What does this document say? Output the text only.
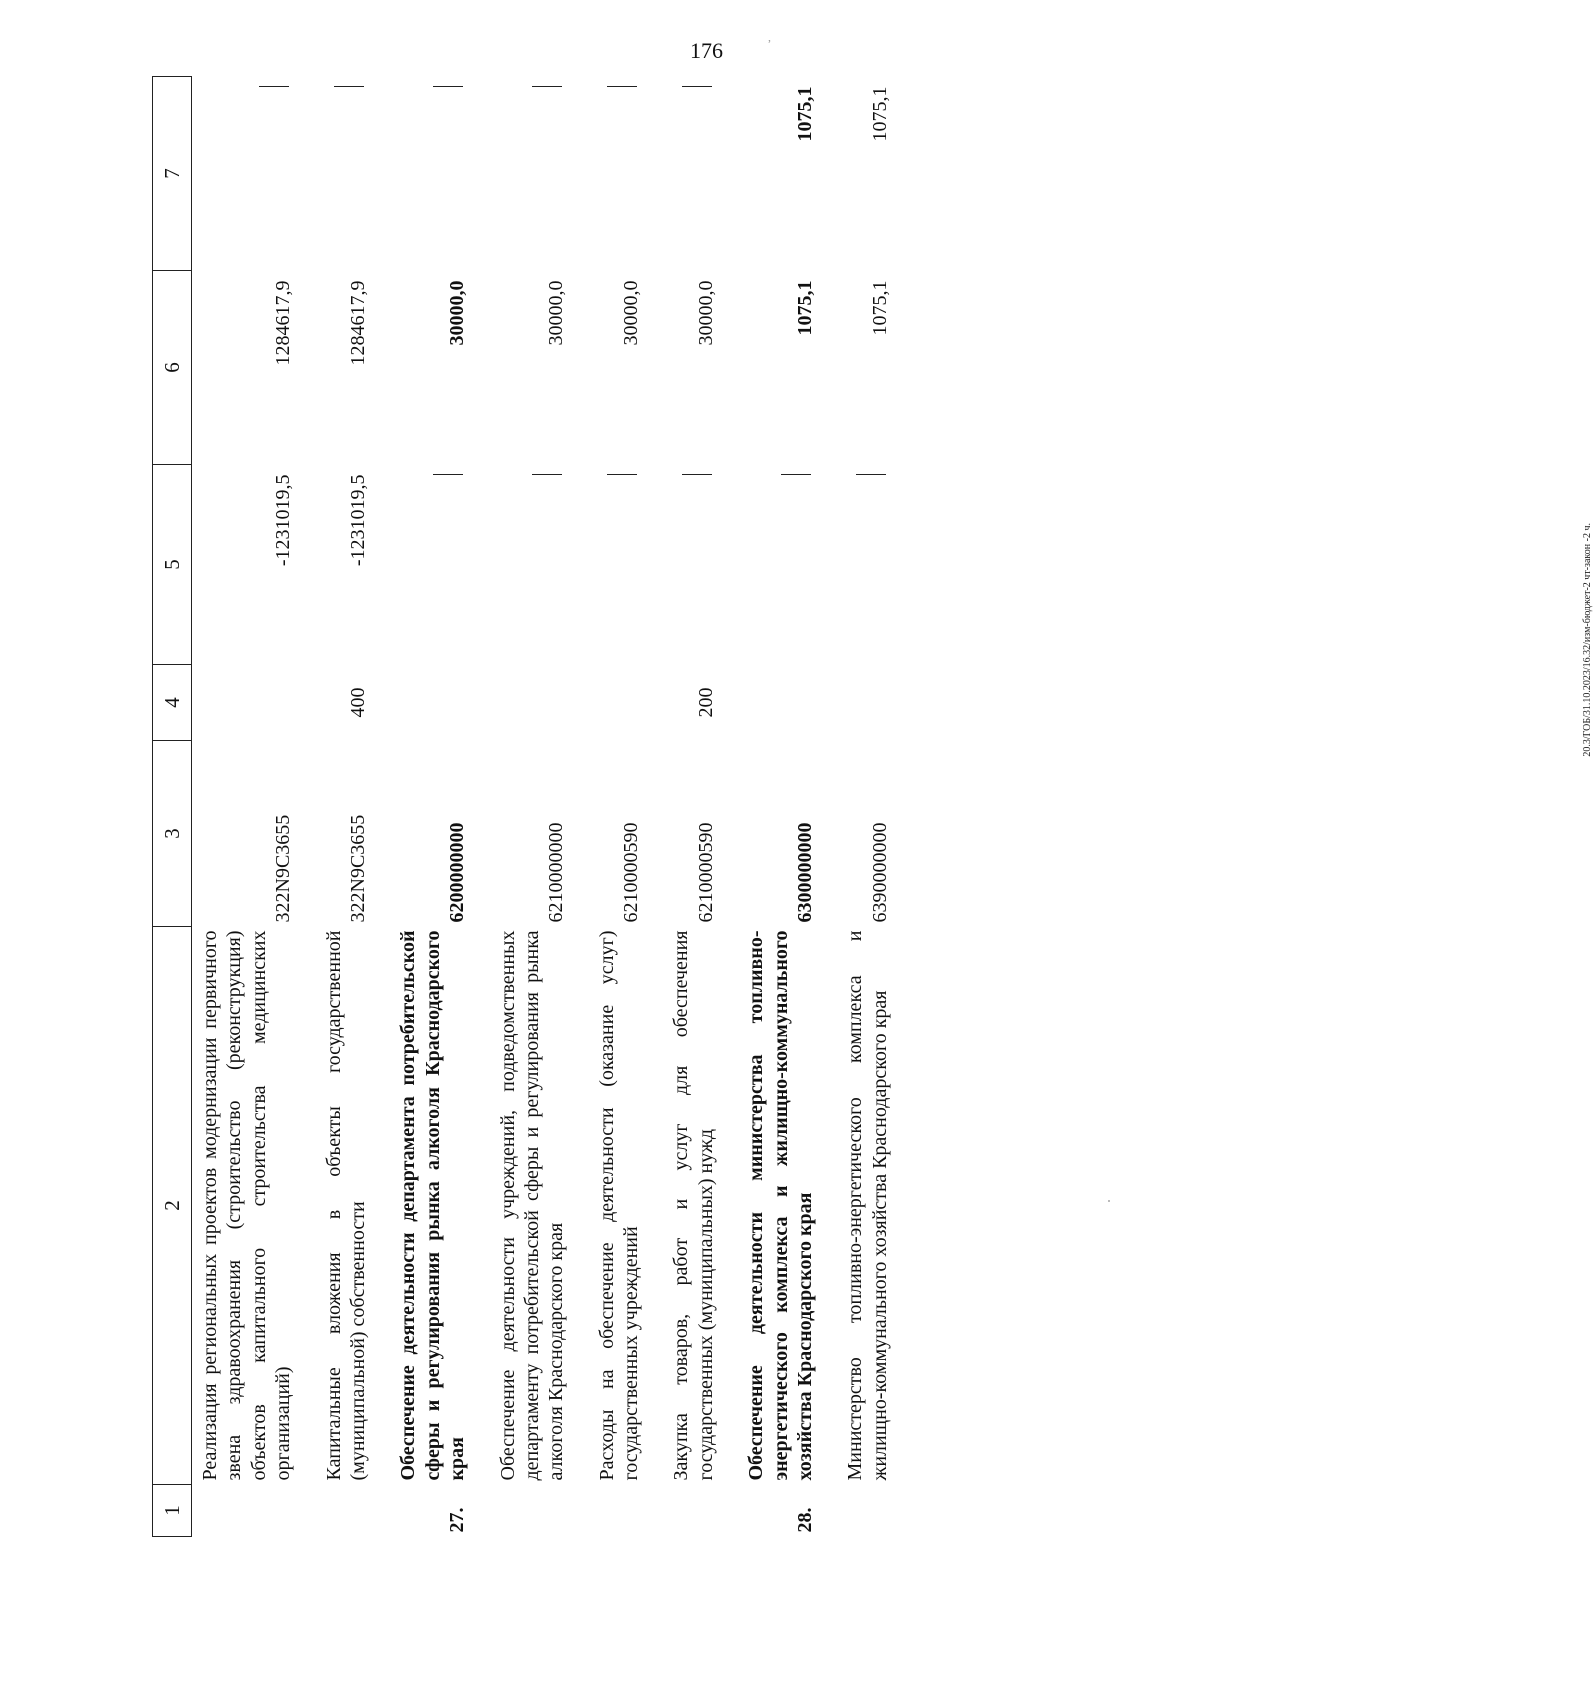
176
,
1	2	3	4	5	6	7
	Реализация региональных проектов модернизации первичного звена здравоохранения (строительство (реконструкция) объектов капитального строительства медицинских организаций)	322N9C3655		-1231019,5	1284617,9	
	Капитальные вложения в объекты государственной (муниципальной) собственности	322N9C3655	400	-1231019,5	1284617,9	
27.	Обеспечение деятельности департамента потребительской сферы и регулирования рынка алкоголя Краснодарского края	6200000000			30000,0	
	Обеспечение деятельности учреждений, подведомственных департаменту потребительской сферы и регулирования рынка алкоголя Краснодарского края	6210000000			30000,0	
	Расходы на обеспечение деятельности (оказание услуг) государственных учреждений	6210000590			30000,0	
	Закупка товаров, работ и услуг для обеспечения государственных (муниципальных) нужд	6210000590	200		30000,0	
28.	Обеспечение деятельности министерства топливно-энергетического комплекса и жилищно-коммунального хозяйства Краснодарского края	6300000000			1075,1	1075,1
	Министерство топливно-энергетического комплекса и жилищно-коммунального хозяйства Краснодарского края	6390000000			1075,1	1075,1
20.3/ГОБ/31.10.2023/16.32/изм-бюджет-2 чт-закон -2 ч.
